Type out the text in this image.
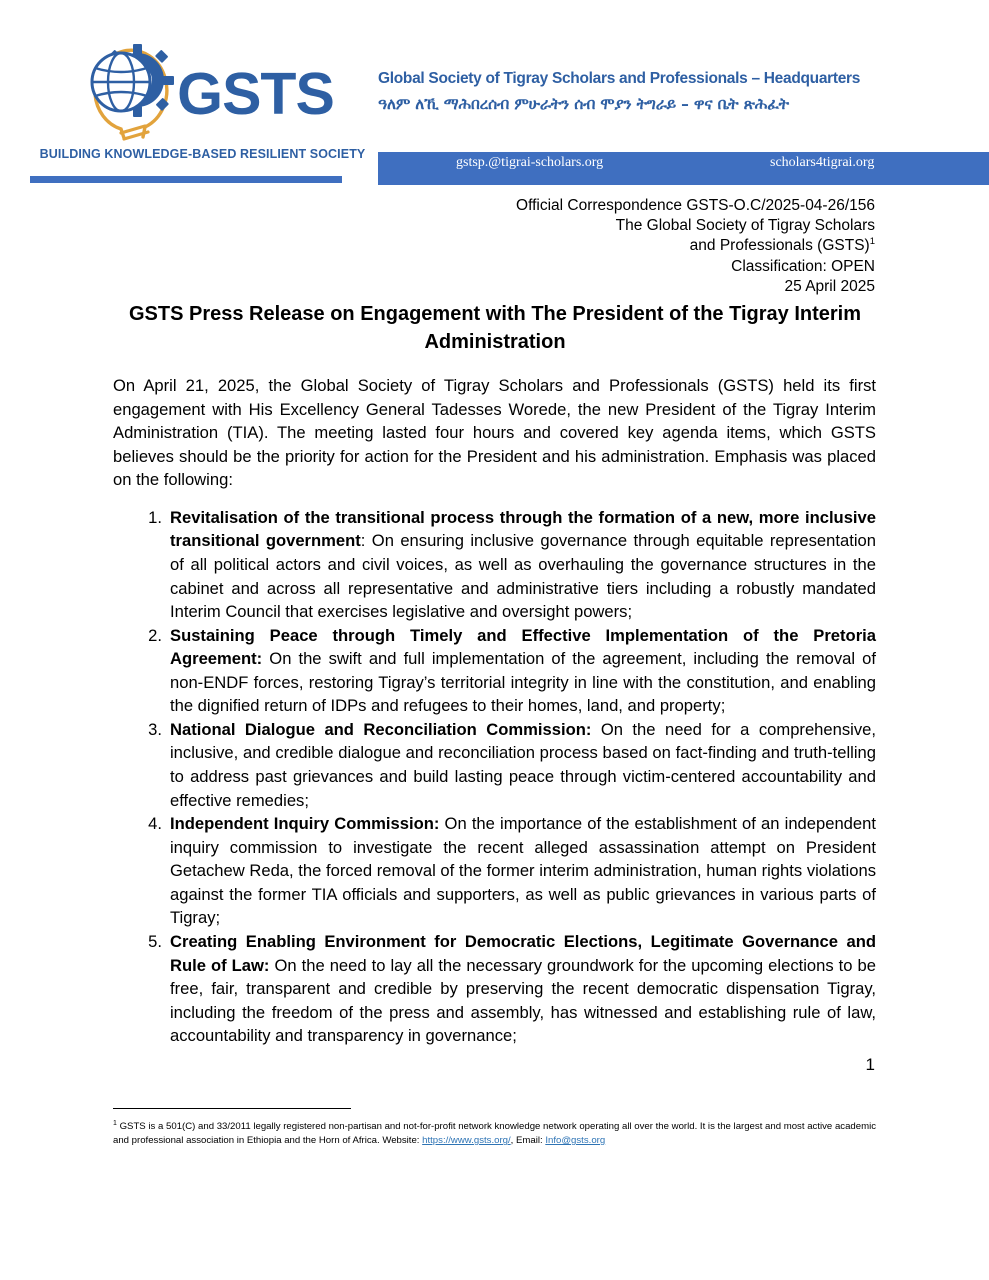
GSTS
BUILDING KNOWLEDGE-BASED RESILIENT SOCIETY
Global Society of Tigray Scholars and Professionals – Headquarters
ዓለም ለኺ ማሕበረሰብ ምሁራትን ሰብ ሞያን ትግራይ – ዋና ቤት ጽሕፈት
gstsp.@tigrai-scholars.org	scholars4tigrai.org
Official Correspondence GSTS-O.C/2025-04-26/156
The Global Society of Tigray Scholars
and Professionals (GSTS)$^1$
Classification: OPEN
25 April 2025
GSTS Press Release on Engagement with The President of the Tigray Interim Administration

On April 21, 2025, the Global Society of Tigray Scholars and Professionals (GSTS) held its first engagement with His Excellency General Tadesses Worede, the new President of the Tigray Interim Administration (TIA). The meeting lasted four hours and covered key agenda items, which GSTS believes should be the priority for action for the President and his administration. Emphasis was placed on the following:

Revitalisation of the transitional process through the formation of a new, more inclusive transitional government: On ensuring inclusive governance through equitable representation of all political actors and civil voices, as well as overhauling the governance structures in the cabinet and across all representative and administrative tiers including a robustly mandated Interim Council that exercises legislative and oversight powers;
Sustaining Peace through Timely and Effective Implementation of the Pretoria Agreement: On the swift and full implementation of the agreement, including the removal of non-ENDF forces, restoring Tigray’s territorial integrity in line with the constitution, and enabling the dignified return of IDPs and refugees to their homes, land, and property;
National Dialogue and Reconciliation Commission: On the need for a comprehensive, inclusive, and credible dialogue and reconciliation process based on fact-finding and truth-telling to address past grievances and build lasting peace through victim-centered accountability and effective remedies;
Independent Inquiry Commission: On the importance of the establishment of an independent inquiry commission to investigate the recent alleged assassination attempt on President Getachew Reda, the forced removal of the former interim administration, human rights violations against the former TIA officials and supporters, as well as public grievances in various parts of Tigray;
Creating Enabling Environment for Democratic Elections, Legitimate Governance and Rule of Law: On the need to lay all the necessary groundwork for the upcoming elections to be free, fair, transparent and credible by preserving the recent democratic dispensation Tigray, including the freedom of the press and assembly, has witnessed and establishing rule of law, accountability and transparency in governance;
1
$^1$ GSTS is a 501(C) and 33/2011 legally registered non-partisan and not-for-profit network knowledge network operating all over the world. It is the largest and most active academic and professional association in Ethiopia and the Horn of Africa. Website: https://www.gsts.org/, Email: Info@gsts.org
